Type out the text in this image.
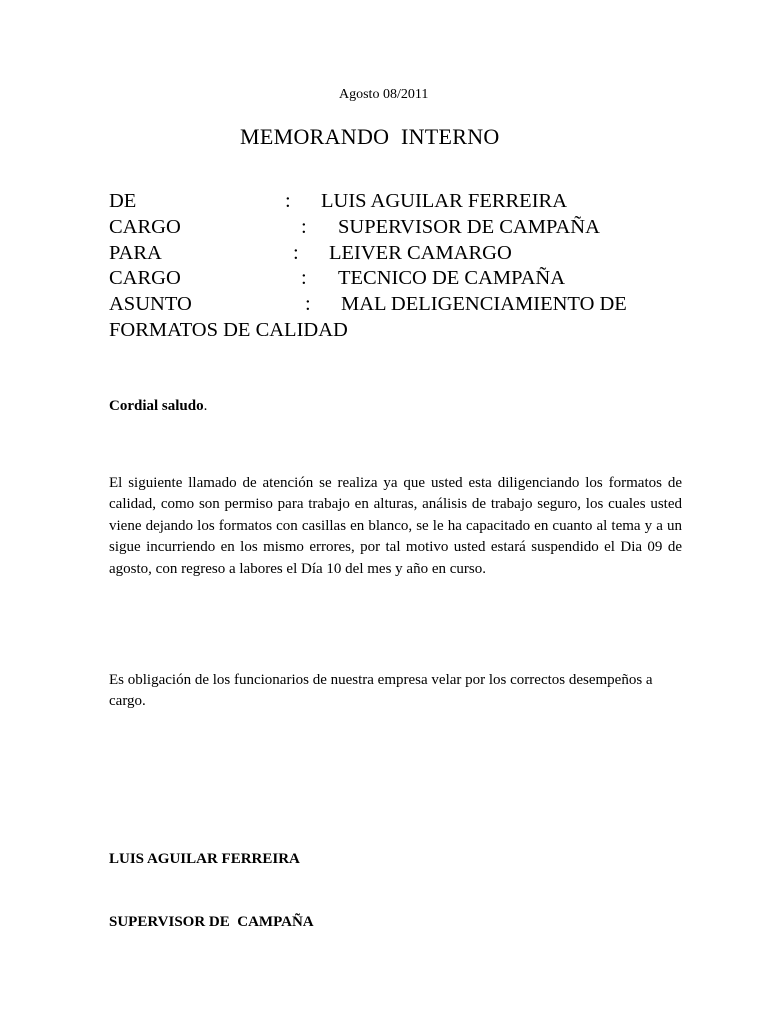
Agosto 08/2011
MEMORANDO  INTERNO
DE	: LUIS AGUILAR FERREIRA
CARGO	: SUPERVISOR DE CAMPAÑA
PARA	: LEIVER CAMARGO
CARGO	: TECNICO DE CAMPAÑA
ASUNTO	: MAL DELIGENCIAMIENTO DE
FORMATOS DE CALIDAD
Cordial saludo.
El siguiente llamado de atención se realiza ya que usted esta diligenciando los formatos de calidad, como son permiso para trabajo en alturas, análisis de trabajo seguro, los cuales usted viene dejando los formatos con casillas en blanco, se le ha capacitado en cuanto al tema y a un sigue incurriendo en los mismo errores, por tal motivo usted estará suspendido el Dia 09 de agosto, con regreso a labores el Día 10 del mes y año en curso.
Es obligación de los funcionarios de nuestra empresa velar por los correctos desempeños a cargo.

LUIS AGUILAR FERREIRA

SUPERVISOR DE  CAMPAÑA
